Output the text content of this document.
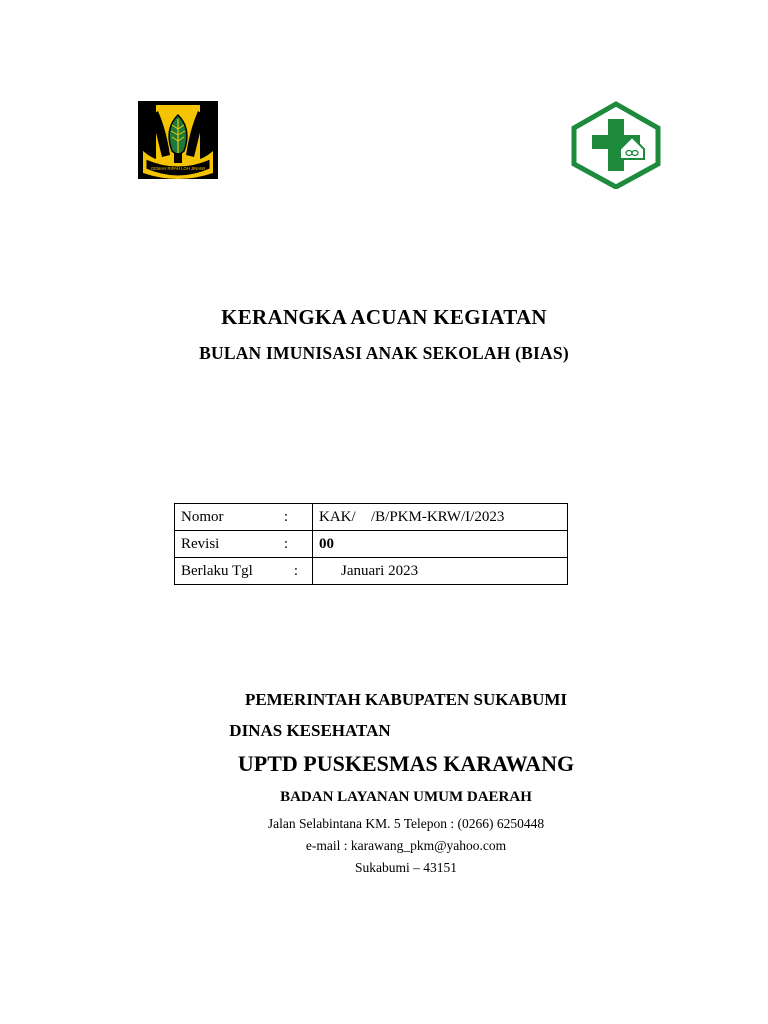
GEMAH RIPAH LOH JINAWI
KERANGKA ACUAN KEGIATAN
BULAN IMUNISASI ANAK SEKOLAH (BIAS)
Nomor :	KAK/ /B/PKM-KRW/I/2023
Revisi :	00
Berlaku Tgl :	Januari 2023
PEMERINTAH KABUPATEN SUKABUMI
DINAS KESEHATAN
UPTD PUSKESMAS KARAWANG
BADAN LAYANAN UMUM DAERAH
Jalan Selabintana KM. 5 Telepon : (0266) 6250448
e-mail : karawang_pkm@yahoo.com
Sukabumi – 43151
